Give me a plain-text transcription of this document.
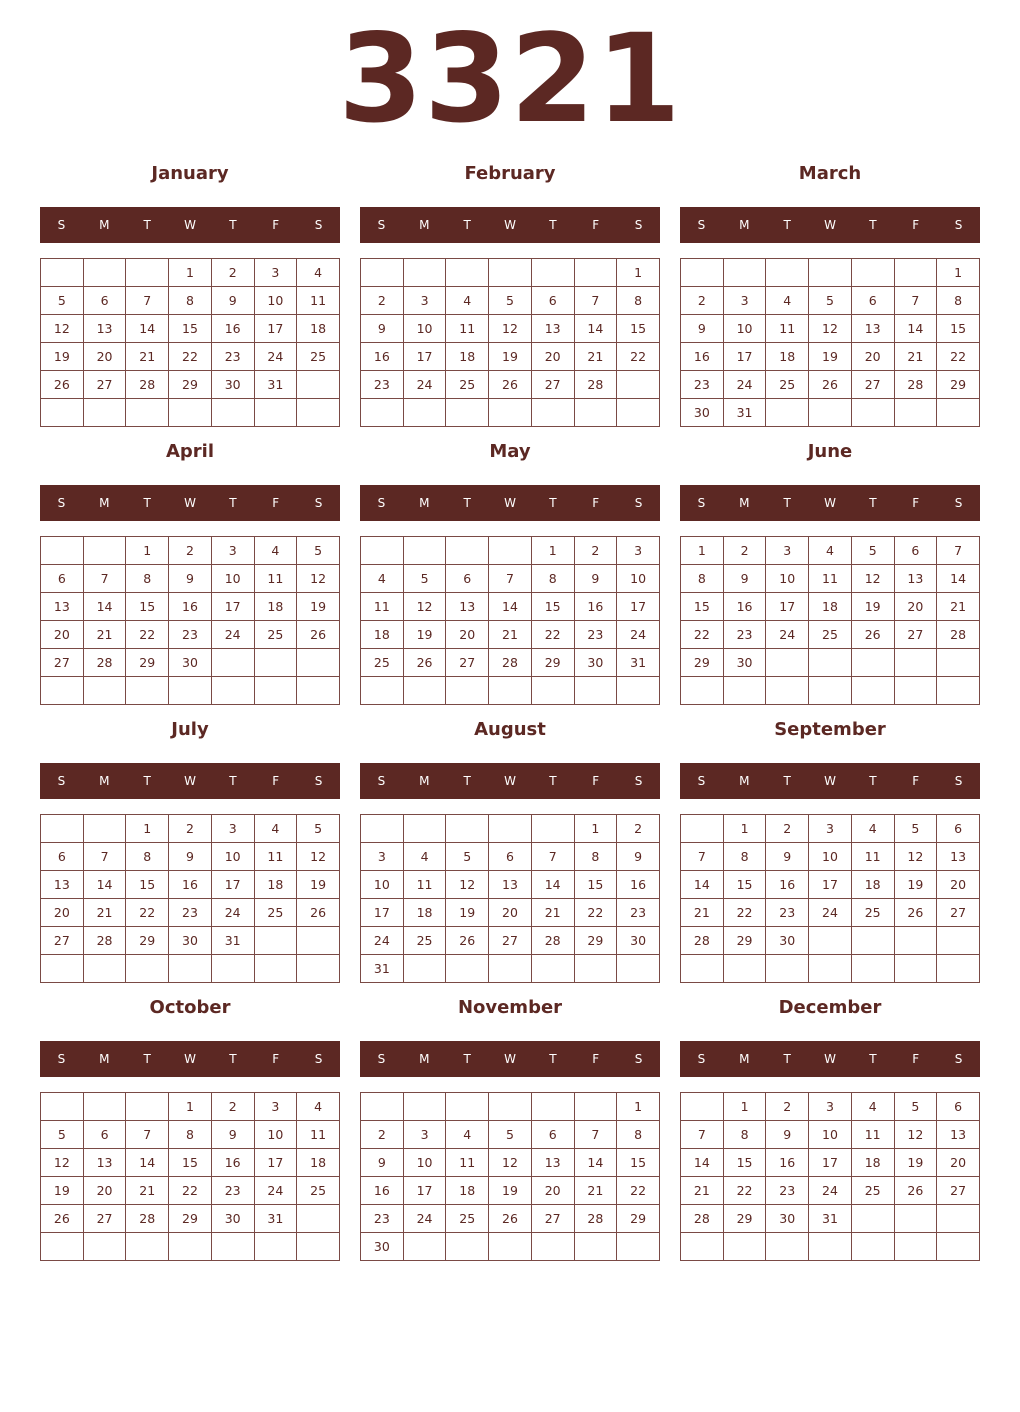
3321
January
S	M	T	W	T	F	S
			1	2	3	4
5	6	7	8	9	10	11
12	13	14	15	16	17	18
19	20	21	22	23	24	25
26	27	28	29	30	31	

February
S	M	T	W	T	F	S
						1
2	3	4	5	6	7	8
9	10	11	12	13	14	15
16	17	18	19	20	21	22
23	24	25	26	27	28	

March
S	M	T	W	T	F	S
						1
2	3	4	5	6	7	8
9	10	11	12	13	14	15
16	17	18	19	20	21	22
23	24	25	26	27	28	29
30	31					
April
S	M	T	W	T	F	S
		1	2	3	4	5
6	7	8	9	10	11	12
13	14	15	16	17	18	19
20	21	22	23	24	25	26
27	28	29	30			

May
S	M	T	W	T	F	S
				1	2	3
4	5	6	7	8	9	10
11	12	13	14	15	16	17
18	19	20	21	22	23	24
25	26	27	28	29	30	31

June
S	M	T	W	T	F	S
1	2	3	4	5	6	7
8	9	10	11	12	13	14
15	16	17	18	19	20	21
22	23	24	25	26	27	28
29	30					

July
S	M	T	W	T	F	S
		1	2	3	4	5
6	7	8	9	10	11	12
13	14	15	16	17	18	19
20	21	22	23	24	25	26
27	28	29	30	31		

August
S	M	T	W	T	F	S
					1	2
3	4	5	6	7	8	9
10	11	12	13	14	15	16
17	18	19	20	21	22	23
24	25	26	27	28	29	30
31						
September
S	M	T	W	T	F	S
	1	2	3	4	5	6
7	8	9	10	11	12	13
14	15	16	17	18	19	20
21	22	23	24	25	26	27
28	29	30				

October
S	M	T	W	T	F	S
			1	2	3	4
5	6	7	8	9	10	11
12	13	14	15	16	17	18
19	20	21	22	23	24	25
26	27	28	29	30	31	

November
S	M	T	W	T	F	S
						1
2	3	4	5	6	7	8
9	10	11	12	13	14	15
16	17	18	19	20	21	22
23	24	25	26	27	28	29
30						
December
S	M	T	W	T	F	S
	1	2	3	4	5	6
7	8	9	10	11	12	13
14	15	16	17	18	19	20
21	22	23	24	25	26	27
28	29	30	31			
